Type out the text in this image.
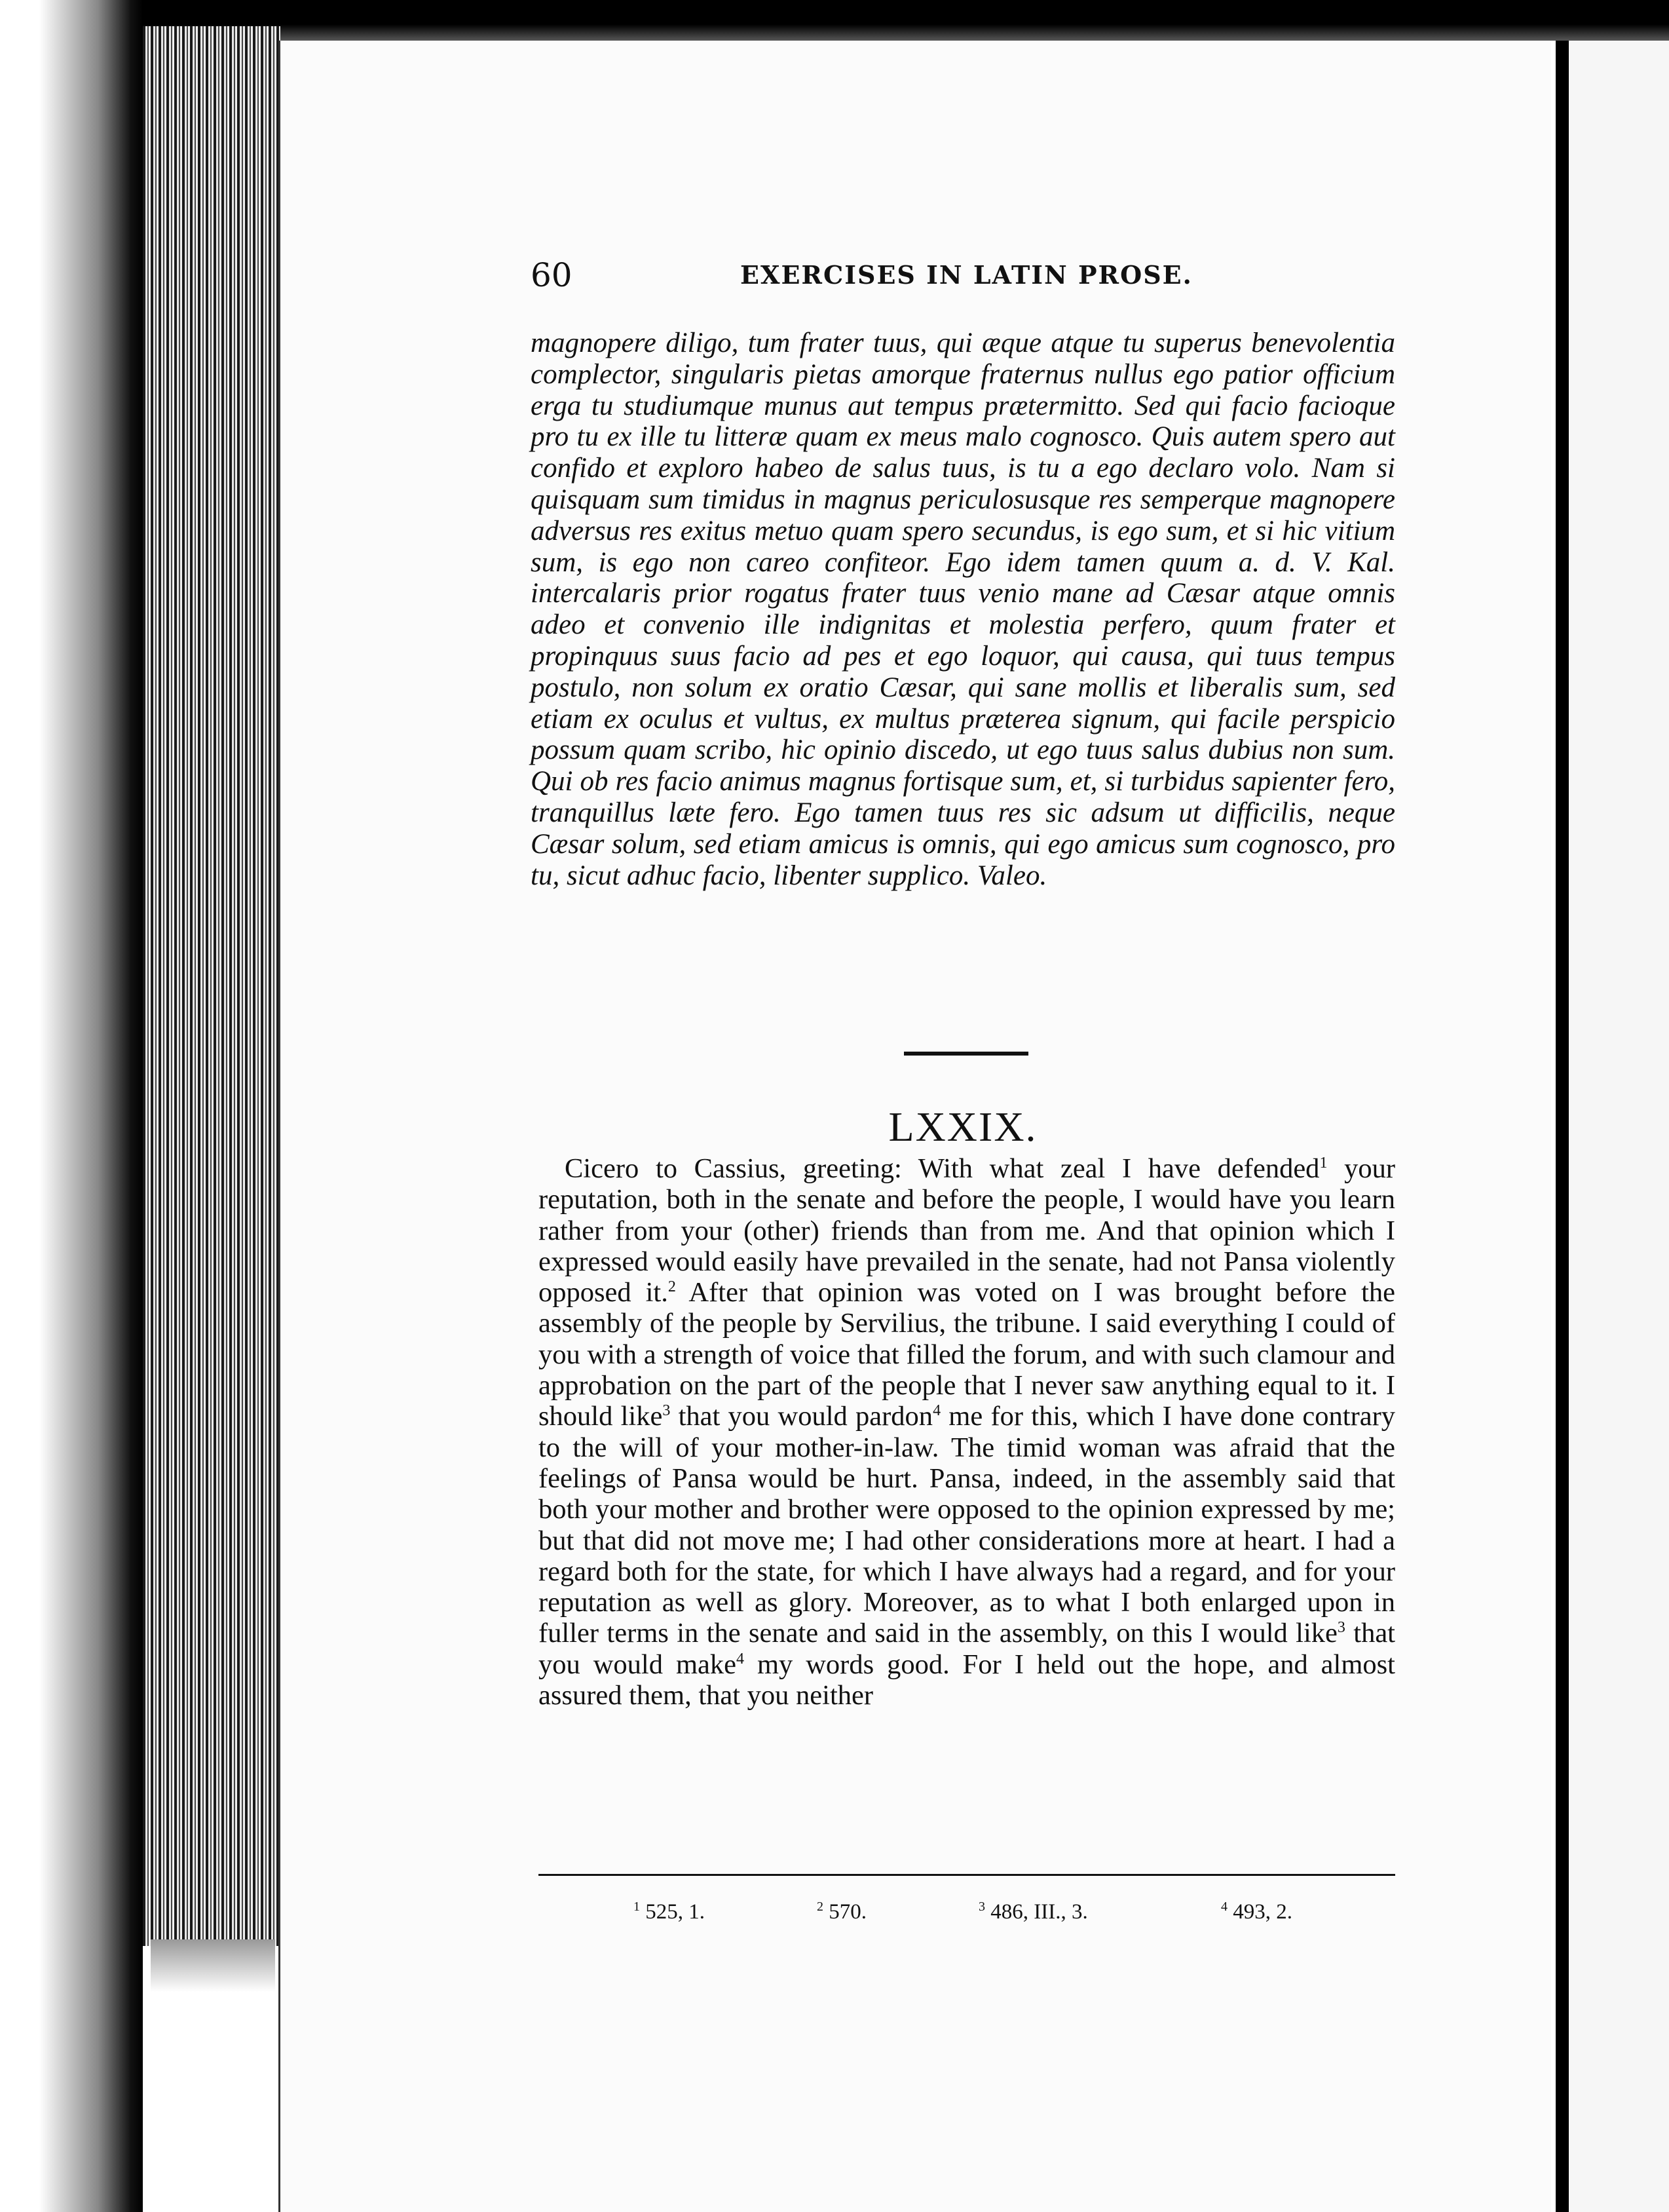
60	EXERCISES IN LATIN PROSE.

magnopere diligo, tum frater tuus, qui æque atque tu superus benevolentia complector, singularis pietas amorque fraternus nullus ego patior officium erga tu studiumque munus aut tempus prætermitto. Sed qui facio facioque pro tu ex ille tu litteræ quam ex meus malo cognosco. Quis autem spero aut confido et exploro habeo de salus tuus, is tu a ego declaro volo. Nam si quisquam sum timidus in magnus periculosusque res semperque magnopere adversus res exitus metuo quam spero secundus, is ego sum, et si hic vitium sum, is ego non careo confiteor. Ego idem tamen quum a. d. V. Kal. intercalaris prior rogatus frater tuus venio mane ad Cæsar atque omnis adeo et convenio ille indignitas et molestia perfero, quum frater et propinquus suus facio ad pes et ego loquor, qui causa, qui tuus tempus postulo, non solum ex oratio Cæsar, qui sane mollis et liberalis sum, sed etiam ex oculus et vultus, ex multus præterea signum, qui facile perspicio possum quam scribo, hic opinio discedo, ut ego tuus salus dubius non sum. Qui ob res facio animus magnus fortisque sum, et, si turbidus sapienter fero, tranquillus læte fero. Ego tamen tuus res sic adsum ut difficilis, neque Cæsar solum, sed etiam amicus is omnis, qui ego amicus sum cognosco, pro tu, sicut adhuc facio, libenter supplico. Valeo.

LXXIX.

Cicero to Cassius, greeting: With what zeal I have defended$^1$ your reputation, both in the senate and before the people, I would have you learn rather from your (other) friends than from me. And that opinion which I expressed would easily have prevailed in the senate, had not Pansa violently opposed it.$^2$ After that opinion was voted on I was brought before the assembly of the people by Servilius, the tribune. I said everything I could of you with a strength of voice that filled the forum, and with such clamour and approbation on the part of the people that I never saw anything equal to it. I should like$^3$ that you would pardon$^4$ me for this, which I have done contrary to the will of your mother-in-law. The timid woman was afraid that the feelings of Pansa would be hurt. Pansa, indeed, in the assembly said that both your mother and brother were opposed to the opinion expressed by me; but that did not move me; I had other considerations more at heart. I had a regard both for the state, for which I have always had a regard, and for your reputation as well as glory. Moreover, as to what I both enlarged upon in fuller terms in the senate and said in the assembly, on this I would like$^3$ that you would make$^4$ my words good. For I held out the hope, and almost assured them, that you neither

$^1$ 525, 1.	$^2$ 570.	$^3$ 486, III., 3.	$^4$ 493, 2.
